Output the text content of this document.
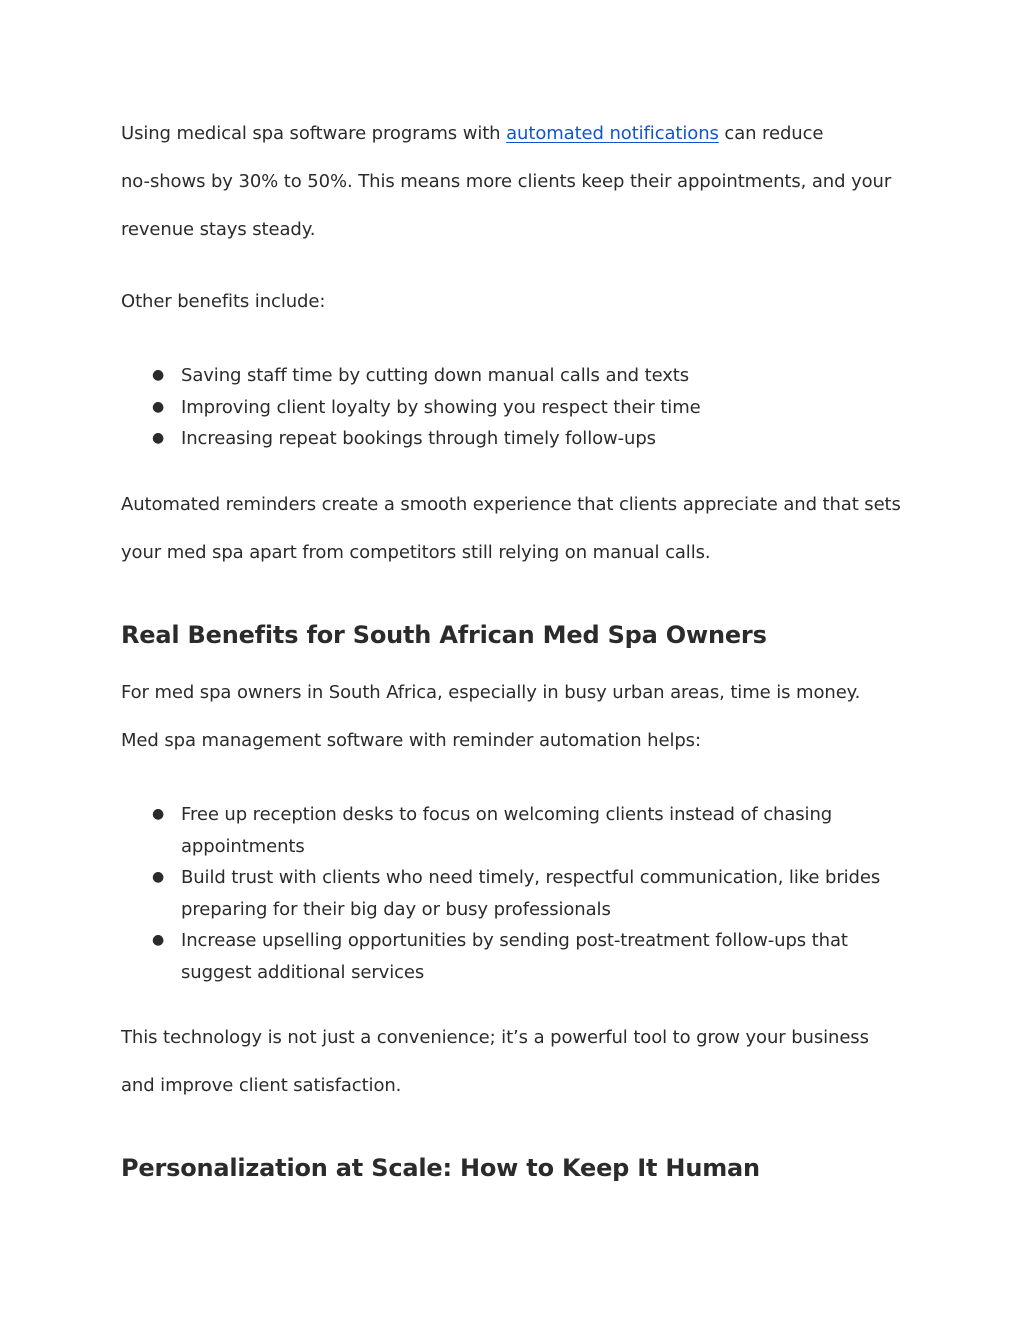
Using medical spa software programs with automated notifications can reduce
no-shows by 30% to 50%. This means more clients keep their appointments, and your
revenue stays steady.

Other benefits include:

● Saving staff time by cutting down manual calls and texts
● Improving client loyalty by showing you respect their time
● Increasing repeat bookings through timely follow-ups

Automated reminders create a smooth experience that clients appreciate and that sets
your med spa apart from competitors still relying on manual calls.

Real Benefits for South African Med Spa Owners

For med spa owners in South Africa, especially in busy urban areas, time is money.
Med spa management software with reminder automation helps:

● Free up reception desks to focus on welcoming clients instead of chasing
appointments
● Build trust with clients who need timely, respectful communication, like brides
preparing for their big day or busy professionals
● Increase upselling opportunities by sending post-treatment follow-ups that
suggest additional services

This technology is not just a convenience; it’s a powerful tool to grow your business
and improve client satisfaction.

Personalization at Scale: How to Keep It Human
